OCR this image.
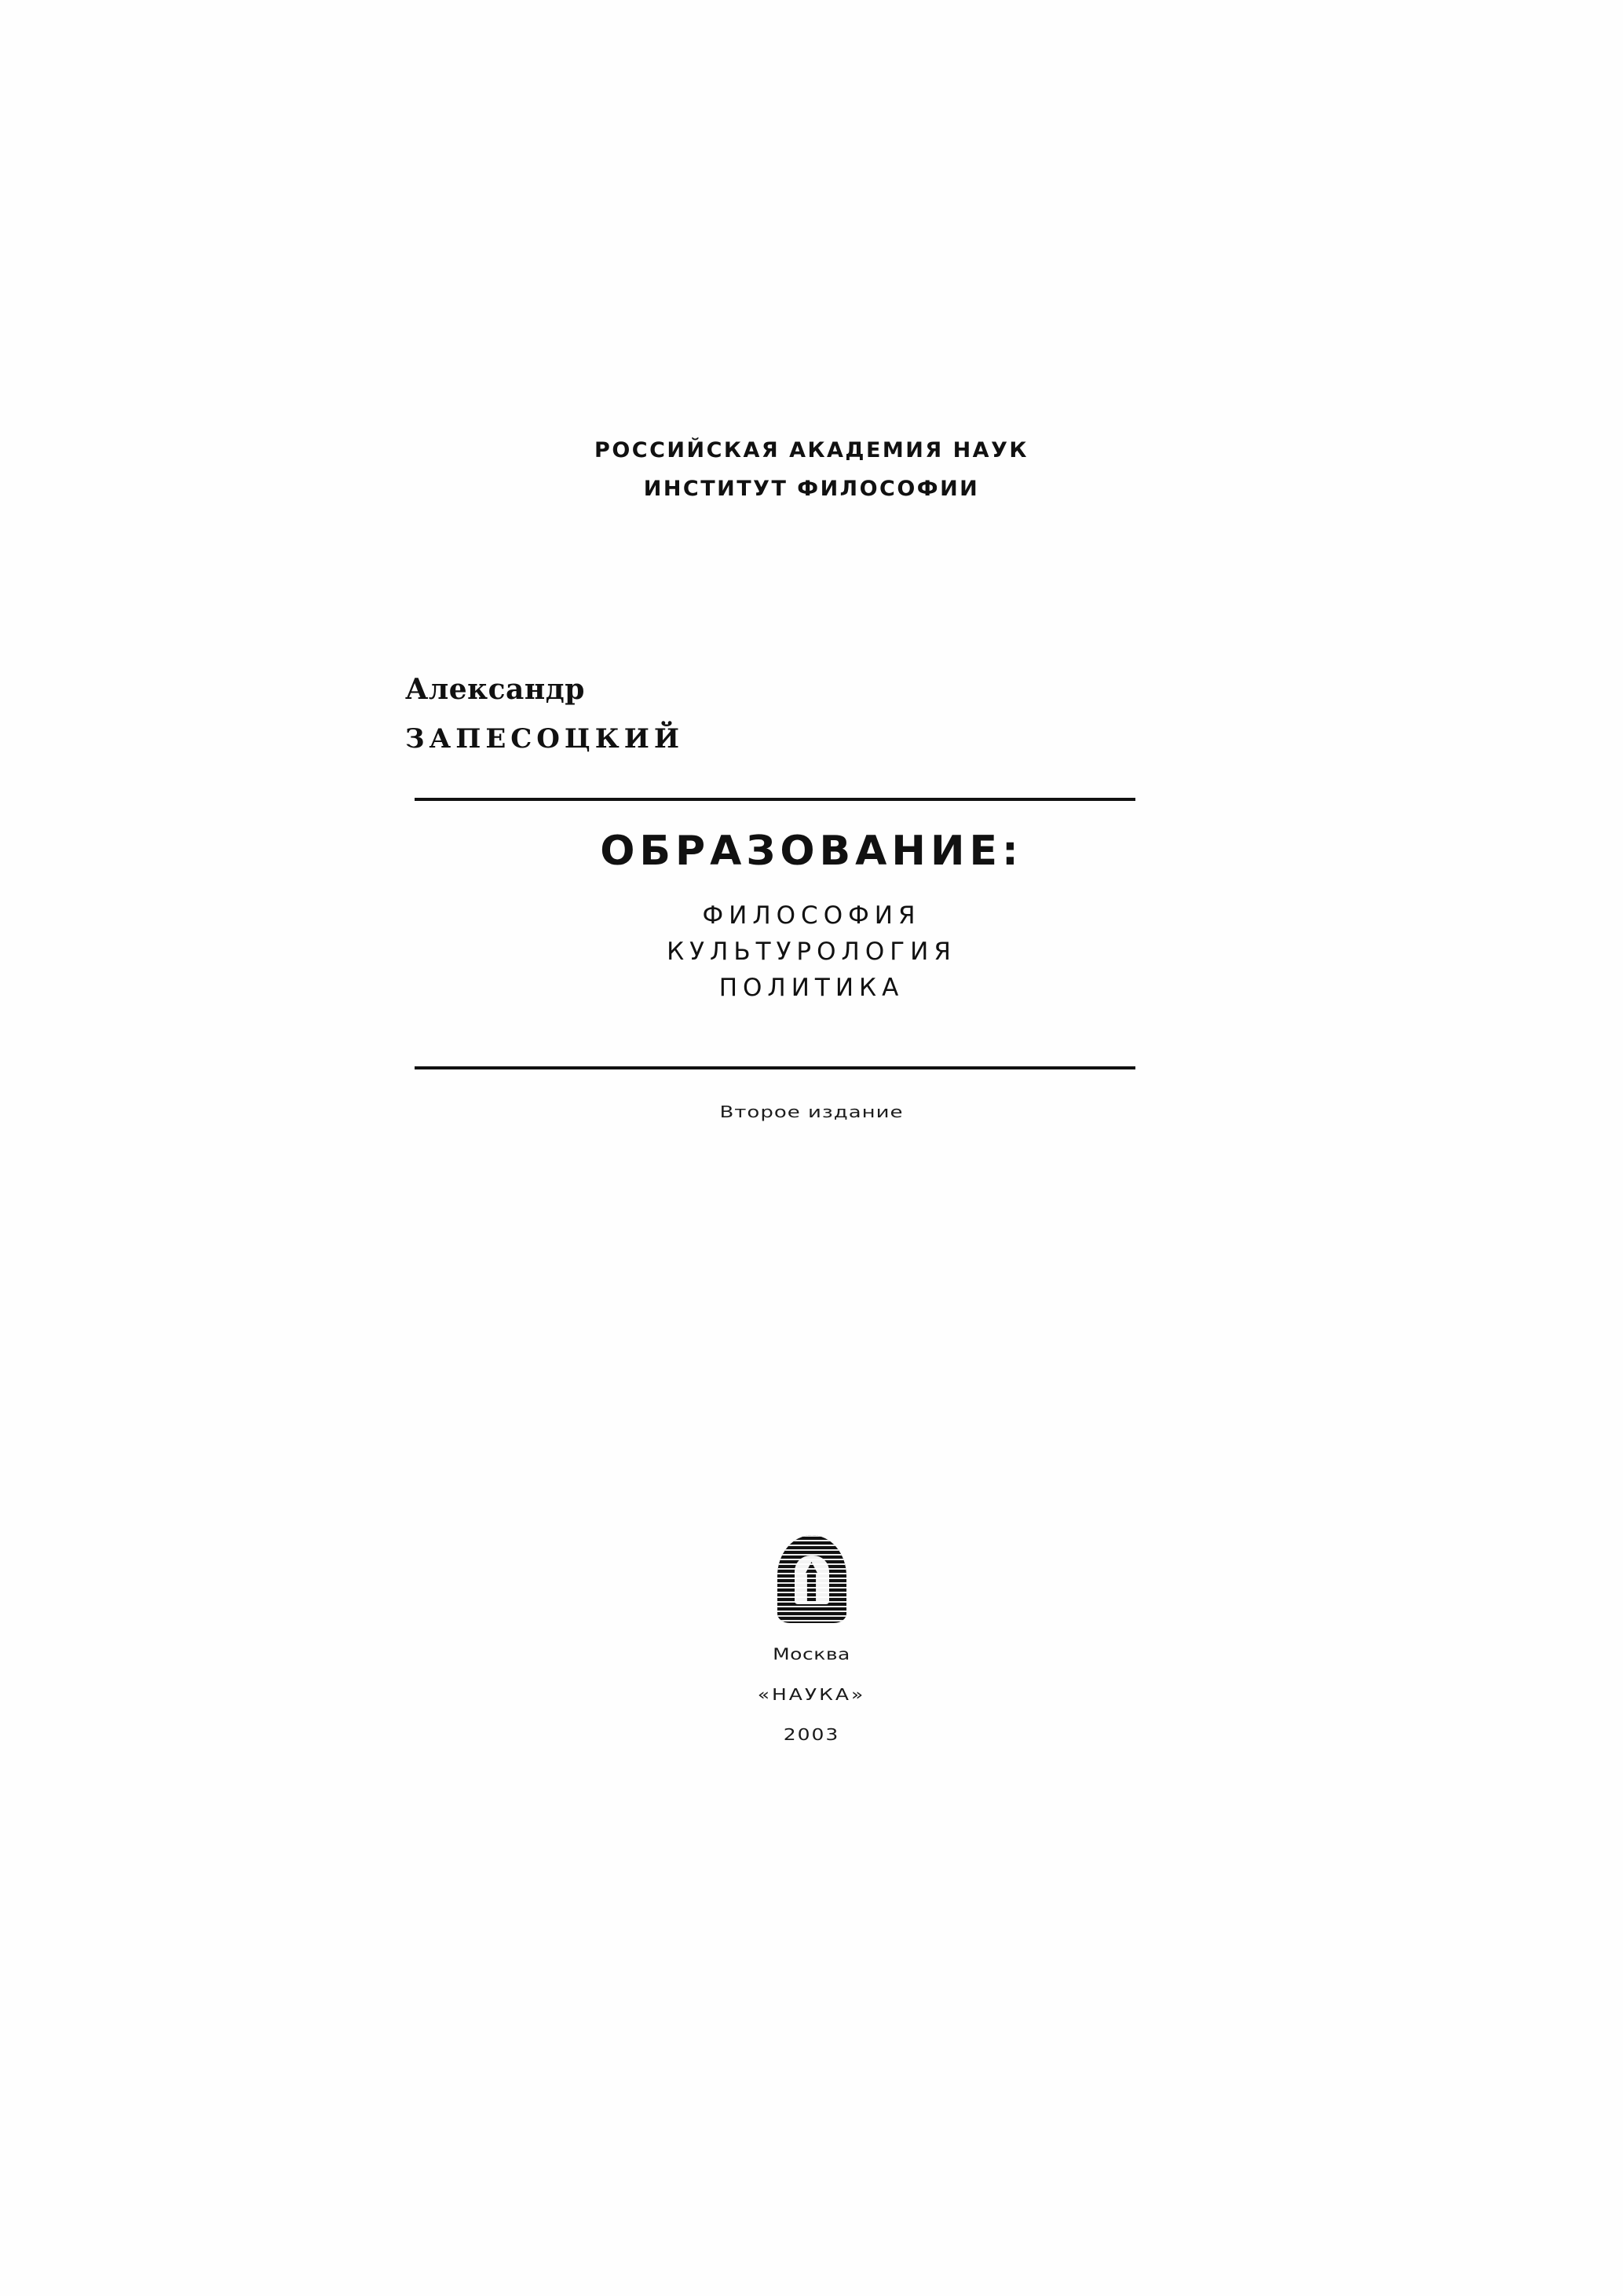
РОССИЙСКАЯ АКАДЕМИЯ НАУК
ИНСТИТУТ ФИЛОСОФИИ
Александр
ЗАПЕСОЦКИЙ
ОБРАЗОВАНИЕ:
ФИЛОСОФИЯ
КУЛЬТУРОЛОГИЯ
ПОЛИТИКА
Второе издание
Москва
«НАУКА»
2003
